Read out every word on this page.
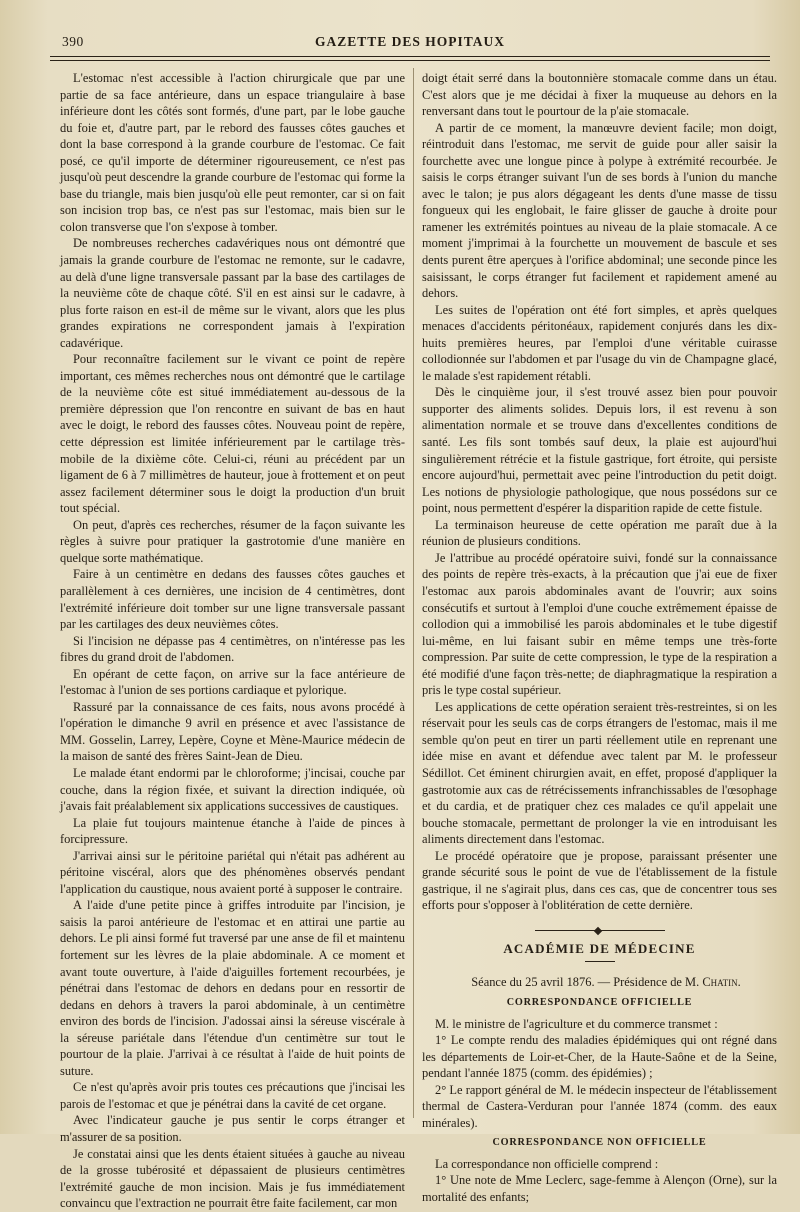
390	GAZETTE DES HOPITAUX

L'estomac n'est accessible à l'action chirurgicale que par une partie de sa face antérieure, dans un espace triangulaire à base inférieure dont les côtés sont formés, d'une part, par le lobe gauche du foie et, d'autre part, par le rebord des fausses côtes gauches et dont la base correspond à la grande courbure de l'estomac. Ce fait posé, ce qu'il importe de déterminer rigoureusement, ce n'est pas jusqu'où peut descendre la grande courbure de l'estomac qui forme la base du triangle, mais bien jusqu'où elle peut remonter, car si on fait son incision trop bas, ce n'est pas sur l'estomac, mais bien sur le colon transverse que l'on s'expose à tomber.

De nombreuses recherches cadavériques nous ont démontré que jamais la grande courbure de l'estomac ne remonte, sur le cadavre, au delà d'une ligne transversale passant par la base des cartilages de la neuvième côte de chaque côté. S'il en est ainsi sur le cadavre, à plus forte raison en est-il de même sur le vivant, alors que les plus grandes expirations ne correspondent jamais à l'expiration cadavérique.

Pour reconnaître facilement sur le vivant ce point de repère important, ces mêmes recherches nous ont démontré que le cartilage de la neuvième côte est situé immédiatement au-dessous de la première dépression que l'on rencontre en suivant de bas en haut avec le doigt, le rebord des fausses côtes. Nouveau point de repère, cette dépression est limitée inférieurement par le cartilage très-mobile de la dixième côte. Celui-ci, réuni au précédent par un ligament de 6 à 7 millimètres de hauteur, joue à frottement et on peut assez facilement déterminer sous le doigt la production d'un bruit tout spécial.

On peut, d'après ces recherches, résumer de la façon suivante les règles à suivre pour pratiquer la gastrotomie d'une manière en quelque sorte mathématique.

Faire à un centimètre en dedans des fausses côtes gauches et parallèlement à ces dernières, une incision de 4 centimètres, dont l'extrémité inférieure doit tomber sur une ligne transversale passant par les cartilages des deux neuvièmes côtes.

Si l'incision ne dépasse pas 4 centimètres, on n'intéresse pas les fibres du grand droit de l'abdomen.

En opérant de cette façon, on arrive sur la face antérieure de l'estomac à l'union de ses portions cardiaque et pylorique.

Rassuré par la connaissance de ces faits, nous avons procédé à l'opération le dimanche 9 avril en présence et avec l'assistance de MM. Gosselin, Larrey, Lepère, Coyne et Mène-Maurice médecin de la maison de santé des frères Saint-Jean de Dieu.

Le malade étant endormi par le chloroforme; j'incisai, couche par couche, dans la région fixée, et suivant la direction indiquée, où j'avais fait préalablement six applications successives de caustiques.

La plaie fut toujours maintenue étanche à l'aide de pinces à forcipressure.

J'arrivai ainsi sur le péritoine pariétal qui n'était pas adhérent au péritoine viscéral, alors que des phénomènes observés pendant l'application du caustique, nous avaient porté à supposer le contraire.

A l'aide d'une petite pince à griffes introduite par l'incision, je saisis la paroi antérieure de l'estomac et en attirai une partie au dehors. Le pli ainsi formé fut traversé par une anse de fil et maintenu fortement sur les lèvres de la plaie abdominale. A ce moment et avant toute ouverture, à l'aide d'aiguilles fortement recourbées, je pénétrai dans l'estomac de dehors en dedans pour en ressortir de dedans en dehors à travers la paroi abdominale, à un centimètre environ des bords de l'incision. J'adossai ainsi la séreuse viscérale à la séreuse pariétale dans l'étendue d'un centimètre sur tout le pourtour de la plaie. J'arrivai à ce résultat à l'aide de huit points de suture.

Ce n'est qu'après avoir pris toutes ces précautions que j'incisai les parois de l'estomac et que je pénétrai dans la cavité de cet organe.

Avec l'indicateur gauche je pus sentir le corps étranger et m'assurer de sa position.

Je constatai ainsi que les dents étaient situées à gauche au niveau de la grosse tubérosité et dépassaient de plusieurs centimètres l'extrémité gauche de mon incision. Mais je fus immédiatement convaincu que l'extraction ne pourrait être faite facilement, car mon

doigt était serré dans la boutonnière stomacale comme dans un étau. C'est alors que je me décidai à fixer la muqueuse au dehors en la renversant dans tout le pourtour de la p'aie stomacale.

A partir de ce moment, la manœuvre devient facile; mon doigt, réintroduit dans l'estomac, me servit de guide pour aller saisir la fourchette avec une longue pince à polype à extrémité recourbée. Je saisis le corps étranger suivant l'un de ses bords à l'union du manche avec le talon; je pus alors dégageant les dents d'une masse de tissu fongueux qui les englobait, le faire glisser de gauche à droite pour ramener les extrémités pointues au niveau de la plaie stomacale. A ce moment j'imprimai à la fourchette un mouvement de bascule et ses dents purent être aperçues à l'orifice abdominal; une seconde pince les saisissant, le corps étranger fut facilement et rapidement amené au dehors.

Les suites de l'opération ont été fort simples, et après quelques menaces d'accidents péritonéaux, rapidement conjurés dans les dix-huits premières heures, par l'emploi d'une véritable cuirasse collodionnée sur l'abdomen et par l'usage du vin de Champagne glacé, le malade s'est rapidement rétabli.

Dès le cinquième jour, il s'est trouvé assez bien pour pouvoir supporter des aliments solides. Depuis lors, il est revenu à son alimentation normale et se trouve dans d'excellentes conditions de santé. Les fils sont tombés sauf deux, la plaie est aujourd'hui singulièrement rétrécie et la fistule gastrique, fort étroite, qui persiste encore aujourd'hui, permettait avec peine l'introduction du petit doigt. Les notions de physiologie pathologique, que nous possédons sur ce point, nous permettent d'espérer la disparition rapide de cette fistule.

La terminaison heureuse de cette opération me paraît due à la réunion de plusieurs conditions.

Je l'attribue au procédé opératoire suivi, fondé sur la connaissance des points de repère très-exacts, à la précaution que j'ai eue de fixer l'estomac aux parois abdominales avant de l'ouvrir; aux soins consécutifs et surtout à l'emploi d'une couche extrêmement épaisse de collodion qui a immobilisé les parois abdominales et le tube digestif lui-même, en lui faisant subir en même temps une très-forte compression. Par suite de cette compression, le type de la respiration a été modifié d'une façon très-nette; de diaphragmatique la respiration a pris le type costal supérieur.

Les applications de cette opération seraient très-restreintes, si on les réservait pour les seuls cas de corps étrangers de l'estomac, mais il me semble qu'on peut en tirer un parti réellement utile en reprenant une idée mise en avant et défendue avec talent par M. le professeur Sédillot. Cet éminent chirurgien avait, en effet, proposé d'appliquer la gastrotomie aux cas de rétrécissements infranchissables de l'œsophage et du cardia, et de pratiquer chez ces malades ce qu'il appelait une bouche stomacale, permettant de prolonger la vie en introduisant les aliments directement dans l'estomac.

Le procédé opératoire que je propose, paraissant présenter une grande sécurité sous le point de vue de l'établissement de la fistule gastrique, il ne s'agirait plus, dans ces cas, que de concentrer tous ses efforts pour s'opposer à l'oblitération de cette dernière.

ACADÉMIE DE MÉDECINE

Séance du 25 avril 1876. — Présidence de M. Chatin.

CORRESPONDANCE OFFICIELLE

M. le ministre de l'agriculture et du commerce transmet :

1° Le compte rendu des maladies épidémiques qui ont régné dans les départements de Loir-et-Cher, de la Haute-Saône et de la Seine, pendant l'année 1875 (comm. des épidémies) ;

2° Le rapport général de M. le médecin inspecteur de l'établissement thermal de Castera-Verduran pour l'année 1874 (comm. des eaux minérales).

CORRESPONDANCE NON OFFICIELLE

La correspondance non officielle comprend :

1° Une note de Mme Leclerc, sage-femme à Alençon (Orne), sur la mortalité des enfants;
